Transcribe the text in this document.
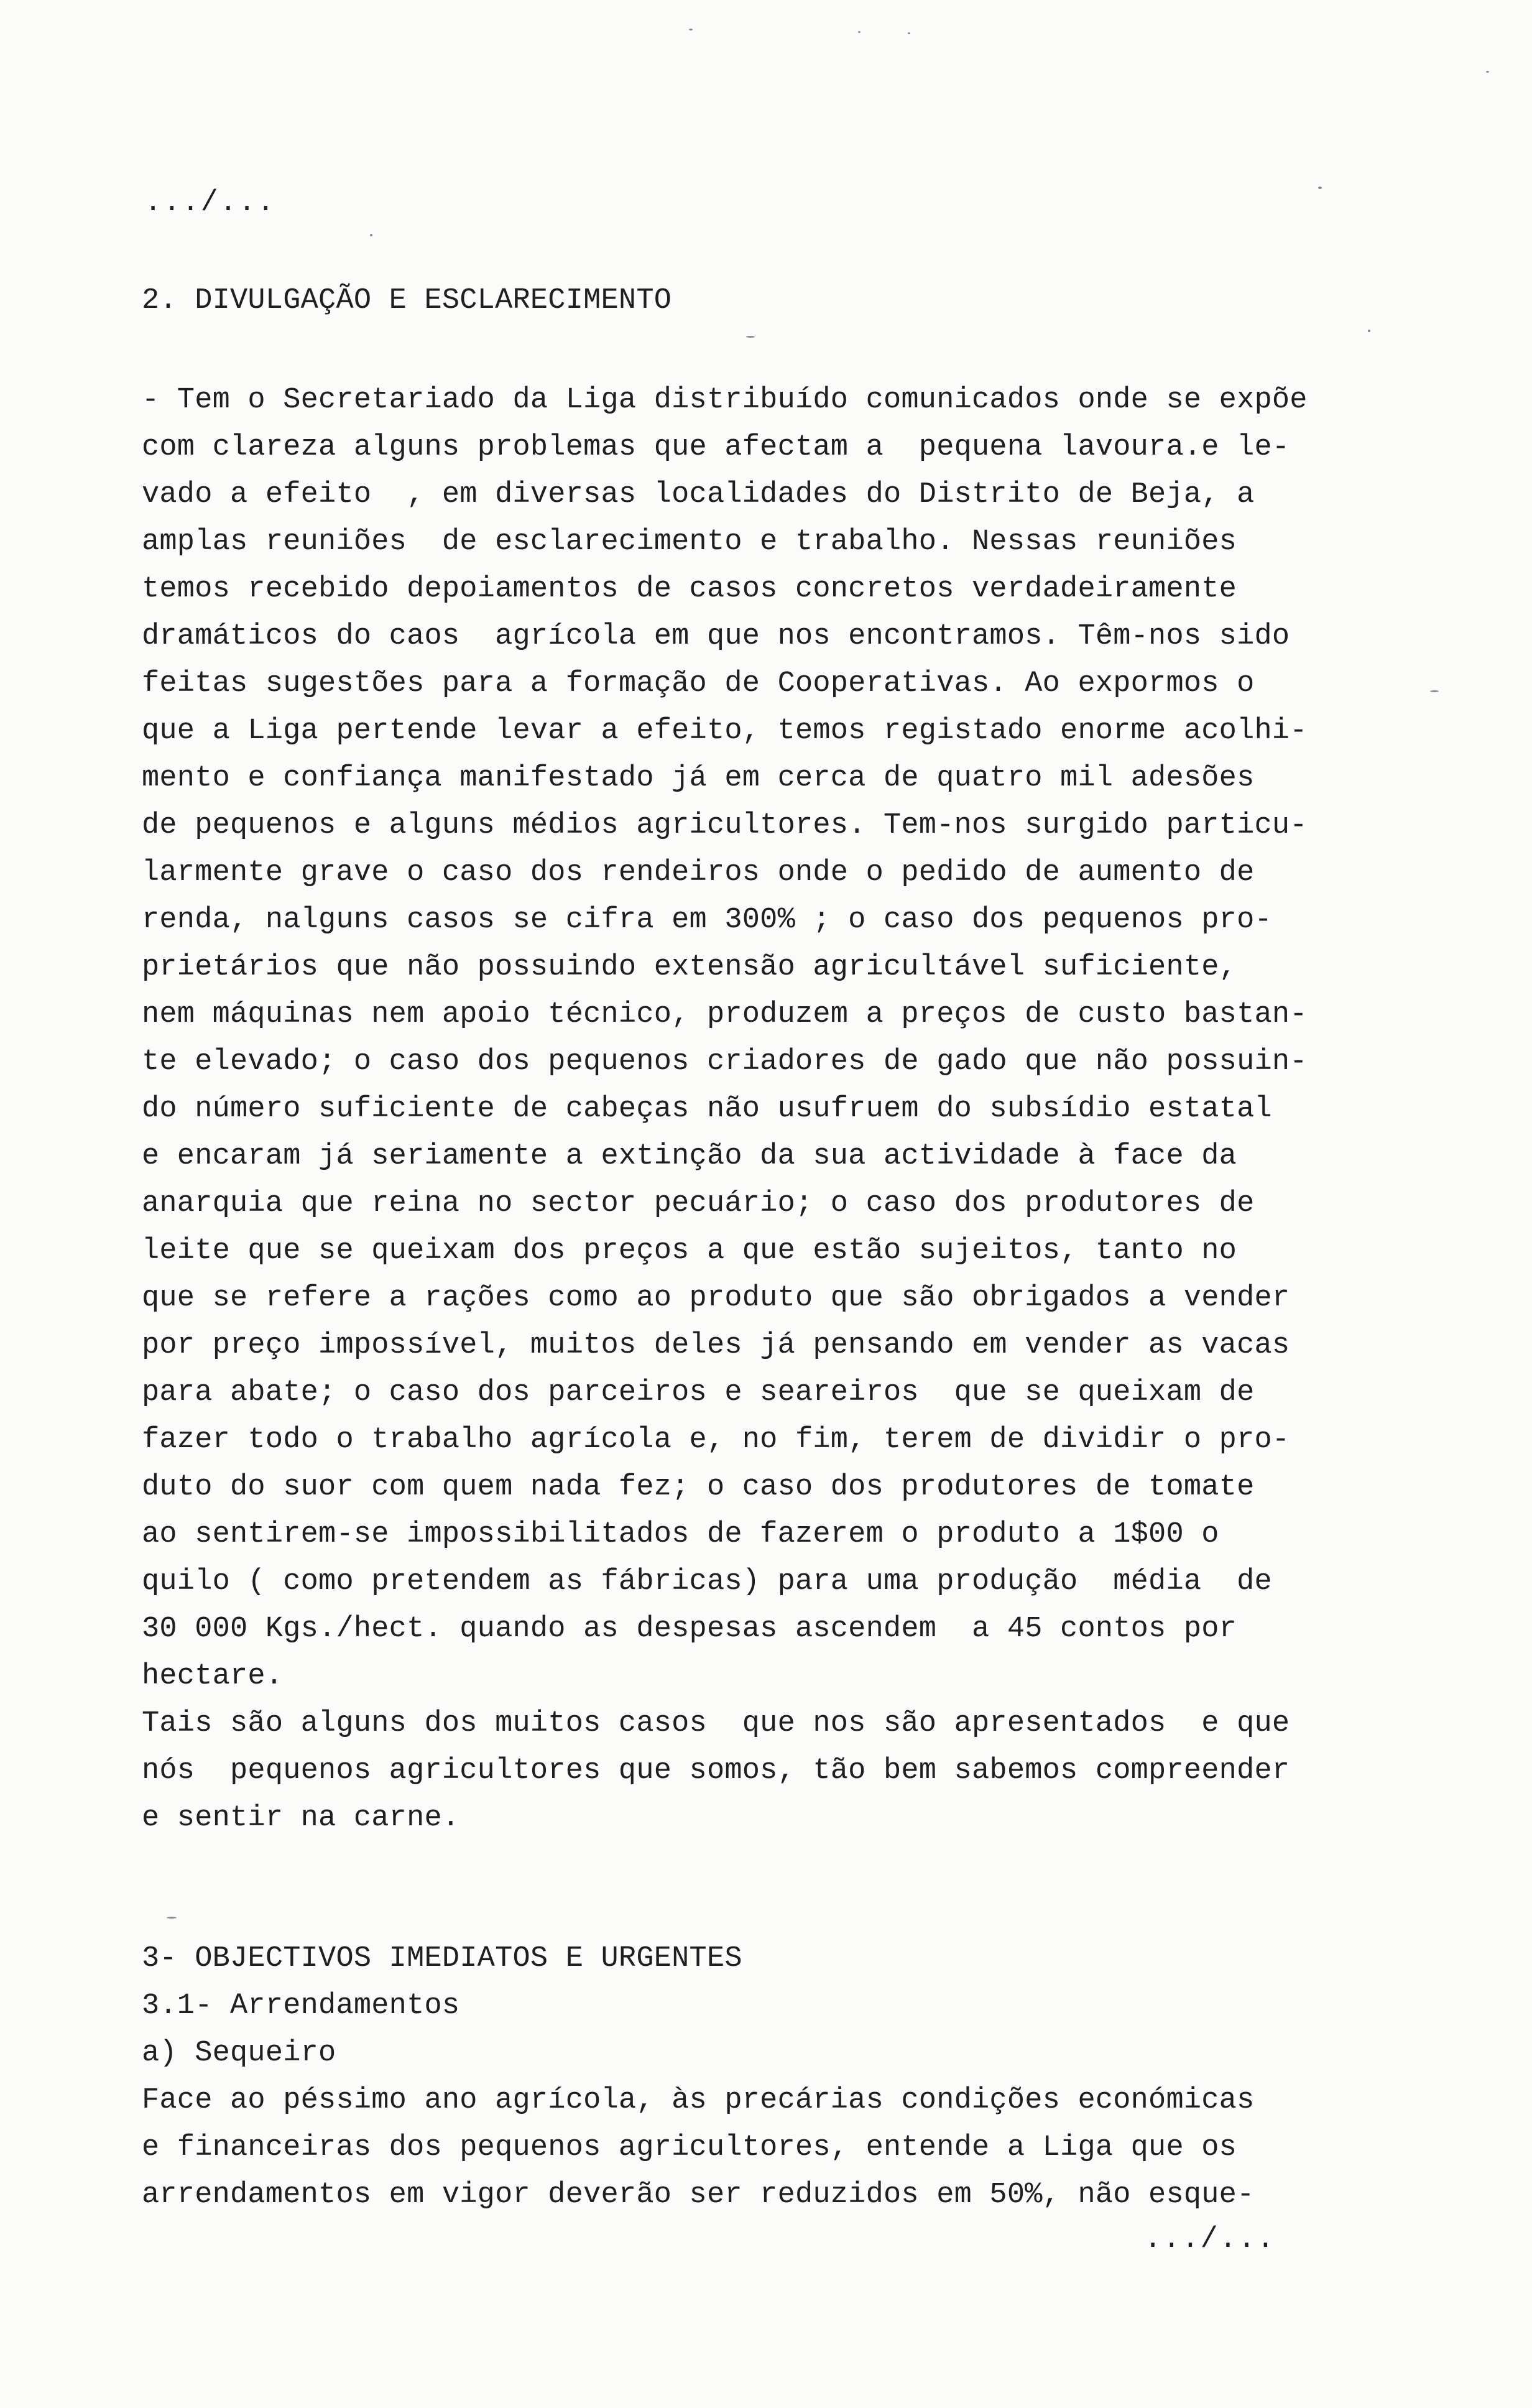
.../...
2. DIVULGAÇÃO E ESCLARECIMENTO
- Tem o Secretariado da Liga distribuído comunicados onde se expõe
com clareza alguns problemas que afectam a  pequena lavoura.e le-
vado a efeito  , em diversas localidades do Distrito de Beja, a
amplas reuniões  de esclarecimento e trabalho. Nessas reuniões
temos recebido depoiamentos de casos concretos verdadeiramente
dramáticos do caos  agrícola em que nos encontramos. Têm-nos sido
feitas sugestões para a formação de Cooperativas. Ao expormos o
que a Liga pertende levar a efeito, temos registado enorme acolhi-
mento e confiança manifestado já em cerca de quatro mil adesões
de pequenos e alguns médios agricultores. Tem-nos surgido particu-
larmente grave o caso dos rendeiros onde o pedido de aumento de
renda, nalguns casos se cifra em 300% ; o caso dos pequenos pro-
prietários que não possuindo extensão agricultável suficiente,
nem máquinas nem apoio técnico, produzem a preços de custo bastan-
te elevado; o caso dos pequenos criadores de gado que não possuin-
do número suficiente de cabeças não usufruem do subsídio estatal
e encaram já seriamente a extinção da sua actividade à face da
anarquia que reina no sector pecuário; o caso dos produtores de
leite que se queixam dos preços a que estão sujeitos, tanto no
que se refere a rações como ao produto que são obrigados a vender
por preço impossível, muitos deles já pensando em vender as vacas
para abate; o caso dos parceiros e seareiros  que se queixam de
fazer todo o trabalho agrícola e, no fim, terem de dividir o pro-
duto do suor com quem nada fez; o caso dos produtores de tomate
ao sentirem-se impossibilitados de fazerem o produto a 1$00 o
quilo ( como pretendem as fábricas) para uma produção  média  de
30 000 Kgs./hect. quando as despesas ascendem  a 45 contos por
hectare.
Tais são alguns dos muitos casos  que nos são apresentados  e que
nós  pequenos agricultores que somos, tão bem sabemos compreender
e sentir na carne.
3- OBJECTIVOS IMEDIATOS E URGENTES
3.1- Arrendamentos
a) Sequeiro
Face ao péssimo ano agrícola, às precárias condições económicas
e financeiras dos pequenos agricultores, entende a Liga que os
arrendamentos em vigor deverão ser reduzidos em 50%, não esque-
.../...
